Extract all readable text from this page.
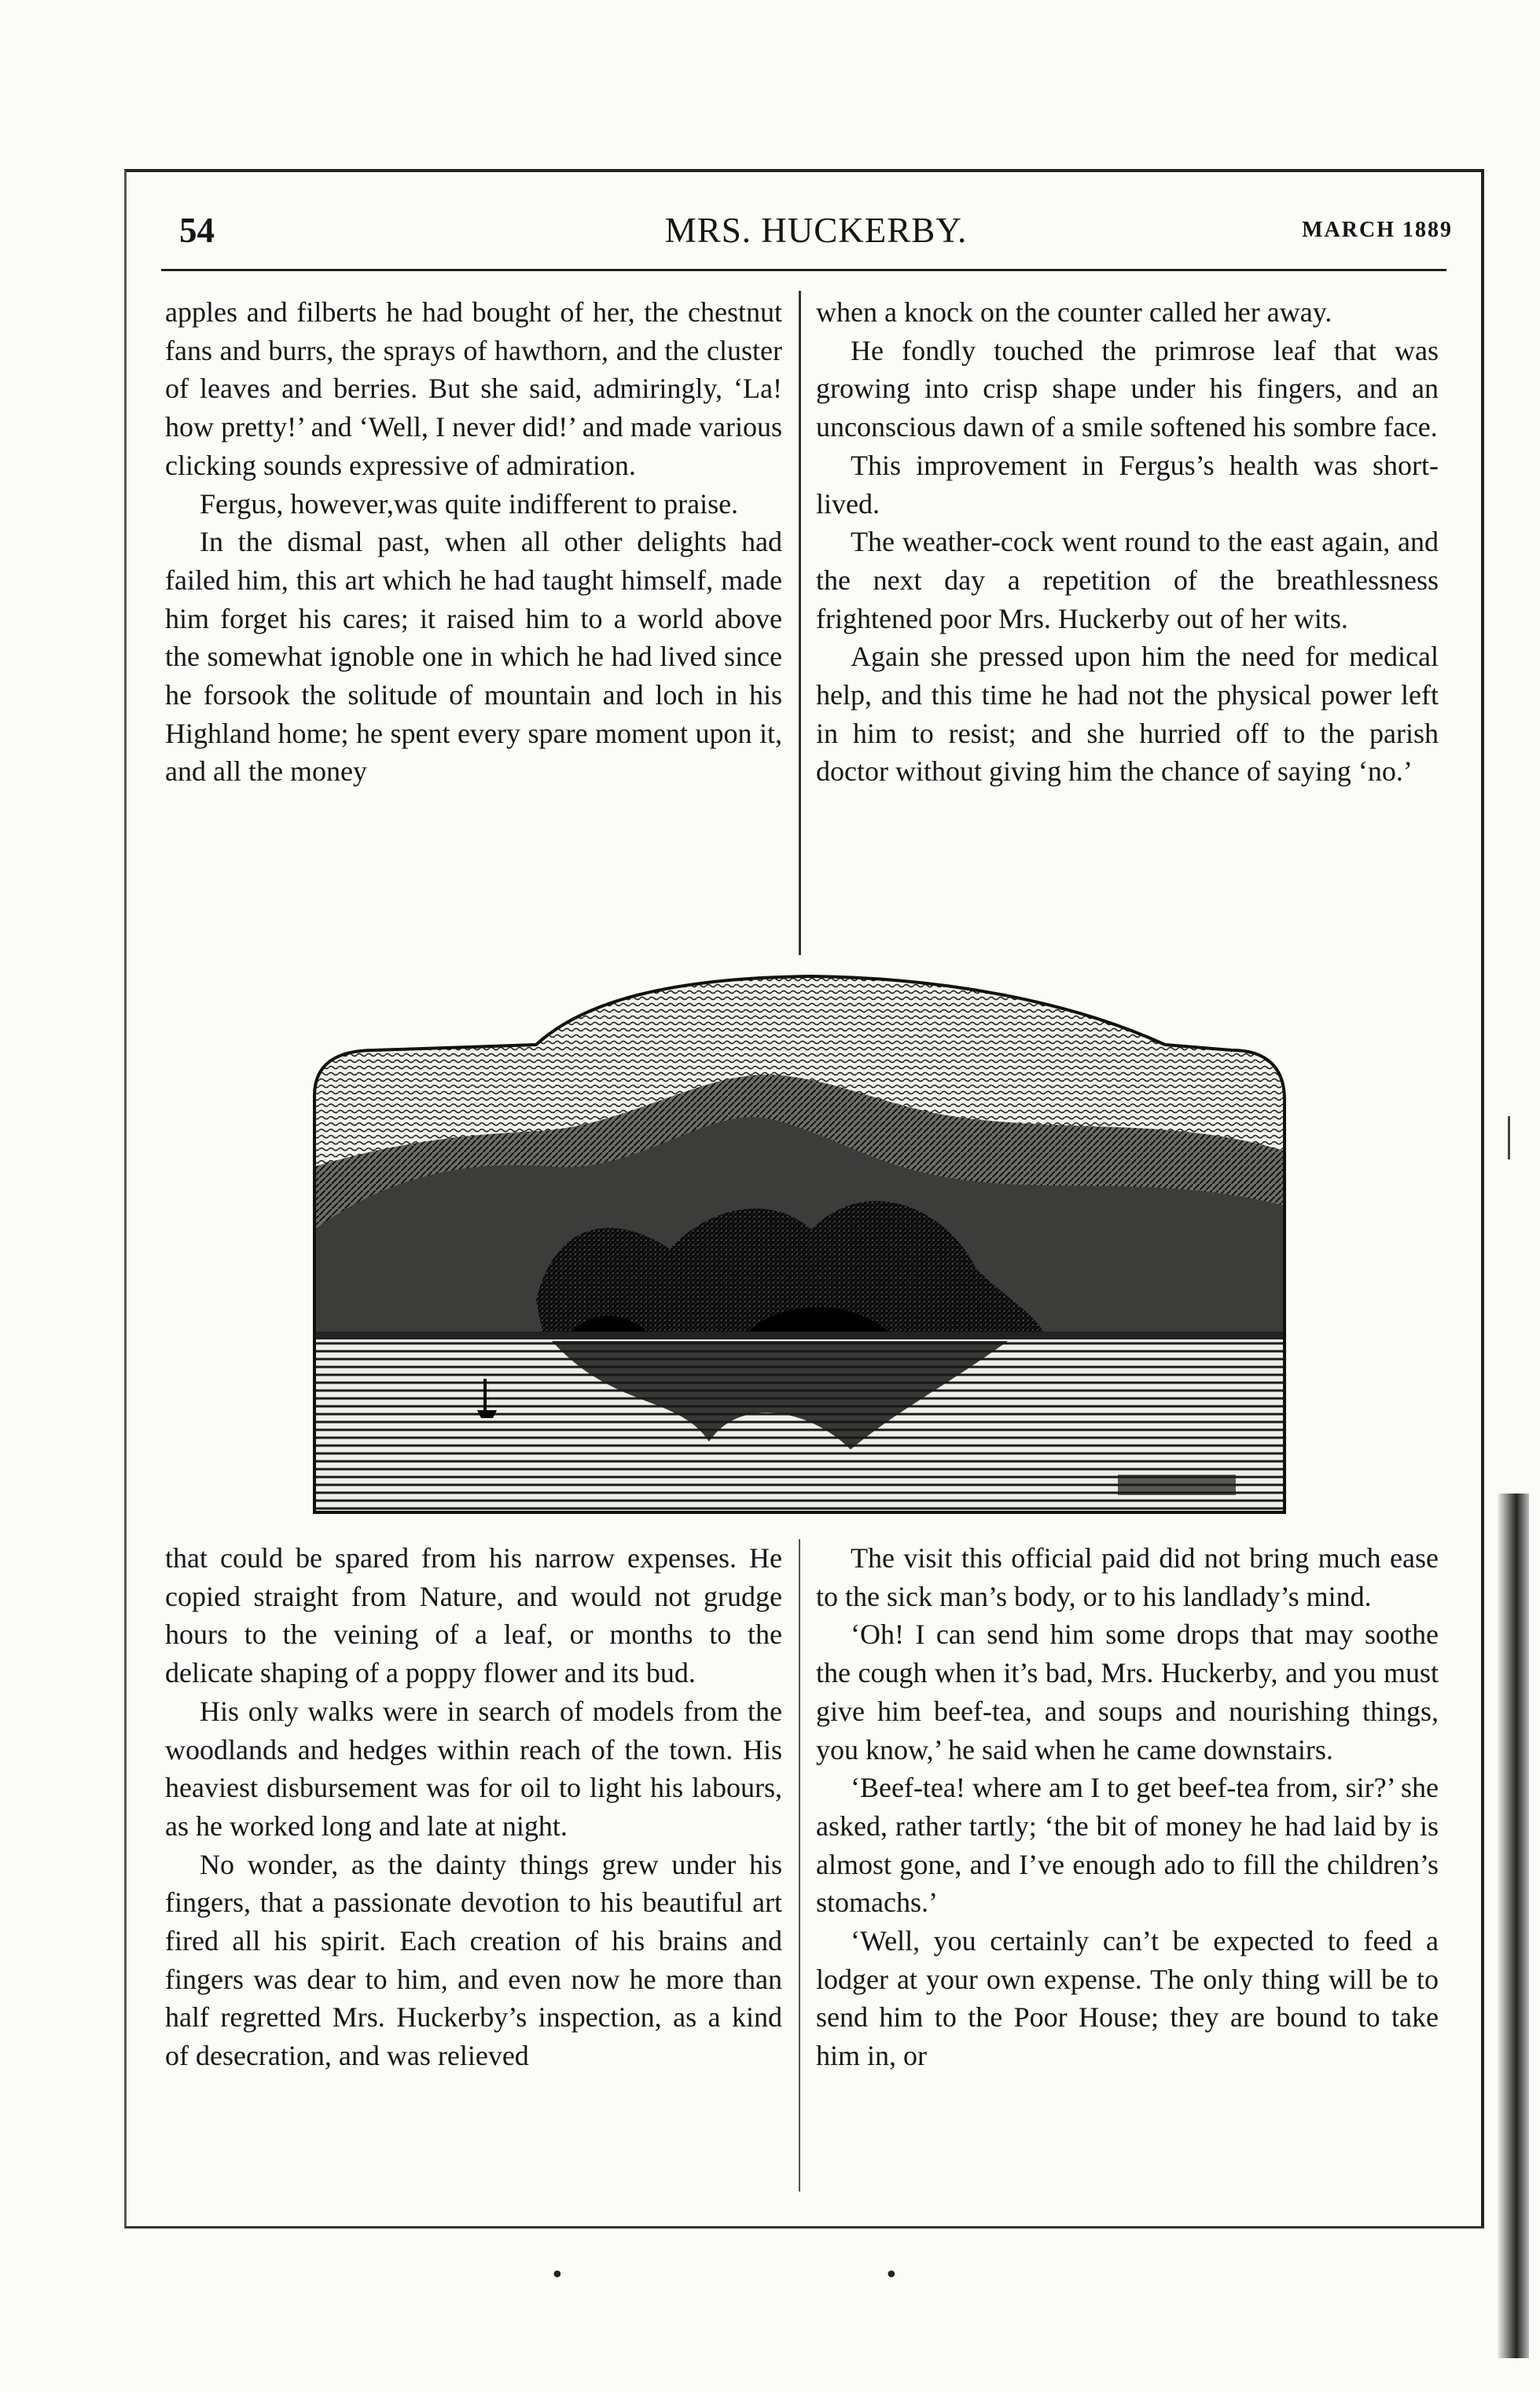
54	MRS. HUCKERBY.	MARCH 1889

apples and filberts he had bought of her, the chestnut fans and burrs, the sprays of hawthorn, and the cluster of leaves and berries. But she said, admiringly, ‘La! how pretty!’ and ‘Well, I never did!’ and made various clicking sounds expressive of admiration.

Fergus, however,was quite indifferent to praise.

In the dismal past, when all other delights had failed him, this art which he had taught himself, made him forget his cares; it raised him to a world above the somewhat ignoble one in which he had lived since he forsook the solitude of mountain and loch in his Highland home; he spent every spare moment upon it, and all the money

when a knock on the counter called her away.

He fondly touched the primrose leaf that was growing into crisp shape under his fingers, and an unconscious dawn of a smile softened his sombre face.

This improvement in Fergus’s health was short-lived.

The weather-cock went round to the east again, and the next day a repetition of the breathlessness frightened poor Mrs. Huckerby out of her wits.

Again she pressed upon him the need for medical help, and this time he had not the physical power left in him to resist; and she hurried off to the parish doctor without giving him the chance of saying ‘no.’

that could be spared from his narrow expenses. He copied straight from Nature, and would not grudge hours to the veining of a leaf, or months to the delicate shaping of a poppy flower and its bud.

His only walks were in search of models from the woodlands and hedges within reach of the town. His heaviest disbursement was for oil to light his labours, as he worked long and late at night.

No wonder, as the dainty things grew under his fingers, that a passionate devotion to his beautiful art fired all his spirit. Each creation of his brains and fingers was dear to him, and even now he more than half regretted Mrs. Huckerby’s inspection, as a kind of desecration, and was relieved

The visit this official paid did not bring much ease to the sick man’s body, or to his landlady’s mind.

‘Oh! I can send him some drops that may soothe the cough when it’s bad, Mrs. Huckerby, and you must give him beef-tea, and soups and nourishing things, you know,’ he said when he came downstairs.

‘Beef-tea! where am I to get beef-tea from, sir?’ she asked, rather tartly; ‘the bit of money he had laid by is almost gone, and I’ve enough ado to fill the children’s stomachs.’

‘Well, you certainly can’t be expected to feed a lodger at your own expense. The only thing will be to send him to the Poor House; they are bound to take him in, or

•	•
